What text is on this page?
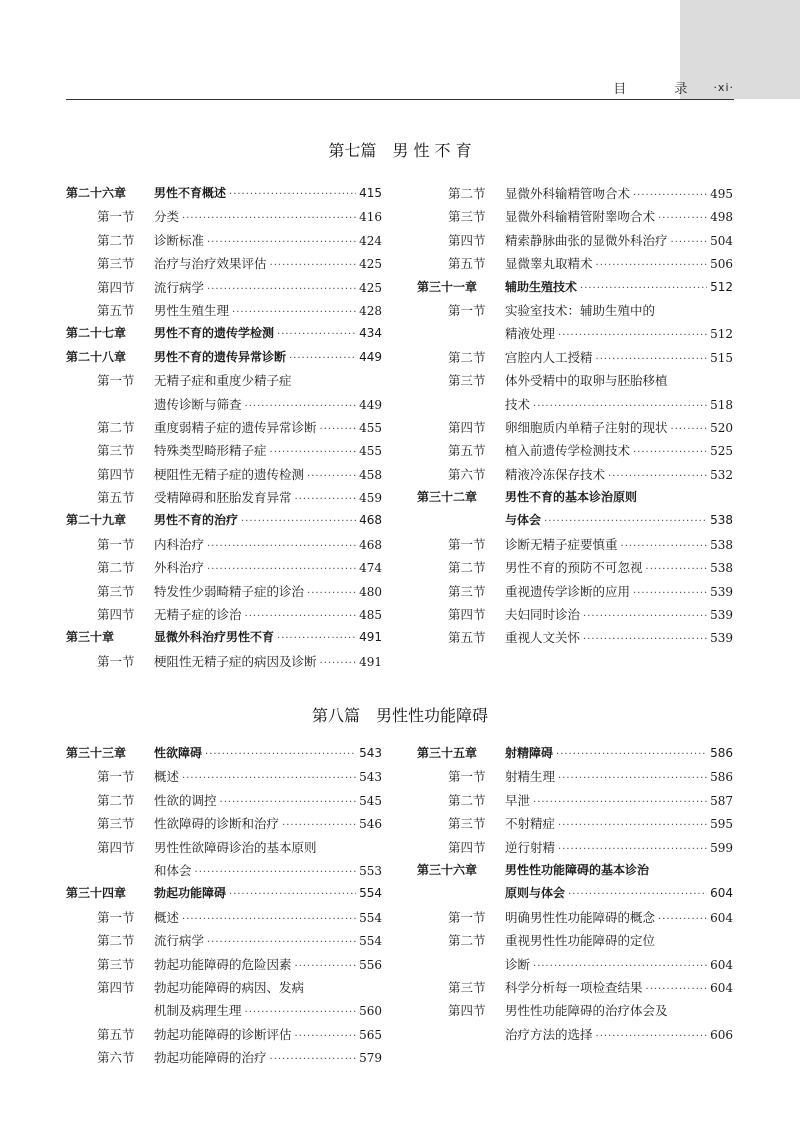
目 录 ·xi·
第七篇　男 性 不 育
第二十六章	男性不育概述 ·····	415
第一节	分类 ·····	416
第二节	诊断标准 ·····	424
第三节	治疗与治疗效果评估 ·····	425
第四节	流行病学 ·····	425
第五节	男性生殖生理 ·····	428
第二十七章	男性不育的遗传学检测 ·····	434
第二十八章	男性不育的遗传异常诊断 ·····	449
第一节	无精子症和重度少精子症
遗传诊断与筛查 ·····	449
第二节	重度弱精子症的遗传异常诊断 ·····	455
第三节	特殊类型畸形精子症 ·····	455
第四节	梗阻性无精子症的遗传检测 ·····	458
第五节	受精障碍和胚胎发育异常 ·····	459
第二十九章	男性不育的治疗 ·····	468
第一节	内科治疗 ·····	468
第二节	外科治疗 ·····	474
第三节	特发性少弱畸精子症的诊治 ·····	480
第四节	无精子症的诊治 ·····	485
第三十章	显微外科治疗男性不育 ·····	491
第一节	梗阻性无精子症的病因及诊断 ·····	491
第二节	显微外科输精管吻合术 ·····	495
第三节	显微外科输精管附睾吻合术 ·····	498
第四节	精索静脉曲张的显微外科治疗 ·····	504
第五节	显微睾丸取精术 ·····	506
第三十一章	辅助生殖技术 ·····	512
第一节	实验室技术：辅助生殖中的
精液处理 ·····	512
第二节	宫腔内人工授精 ·····	515
第三节	体外受精中的取卵与胚胎移植
技术 ·····	518
第四节	卵细胞质内单精子注射的现状 ·····	520
第五节	植入前遗传学检测技术 ·····	525
第六节	精液冷冻保存技术 ·····	532
第三十二章	男性不育的基本诊治原则
与体会 ·····	538
第一节	诊断无精子症要慎重 ·····	538
第二节	男性不育的预防不可忽视 ·····	538
第三节	重视遗传学诊断的应用 ·····	539
第四节	夫妇同时诊治 ·····	539
第五节	重视人文关怀 ·····	539
第八篇　男性性功能障碍
第三十三章	性欲障碍 ·····	543
第一节	概述 ·····	543
第二节	性欲的调控 ·····	545
第三节	性欲障碍的诊断和治疗 ·····	546
第四节	男性性欲障碍诊治的基本原则
和体会 ·····	553
第三十四章	勃起功能障碍 ·····	554
第一节	概述 ·····	554
第二节	流行病学 ·····	554
第三节	勃起功能障碍的危险因素 ·····	556
第四节	勃起功能障碍的病因、发病
机制及病理生理 ·····	560
第五节	勃起功能障碍的诊断评估 ·····	565
第六节	勃起功能障碍的治疗 ·····	579
第三十五章	射精障碍 ·····	586
第一节	射精生理 ·····	586
第二节	早泄 ·····	587
第三节	不射精症 ·····	595
第四节	逆行射精 ·····	599
第三十六章	男性性功能障碍的基本诊治
原则与体会 ·····	604
第一节	明确男性性功能障碍的概念 ·····	604
第二节	重视男性性功能障碍的定位
诊断 ·····	604
第三节	科学分析每一项检查结果 ·····	604
第四节	男性性功能障碍的治疗体会及
治疗方法的选择 ·····	606
